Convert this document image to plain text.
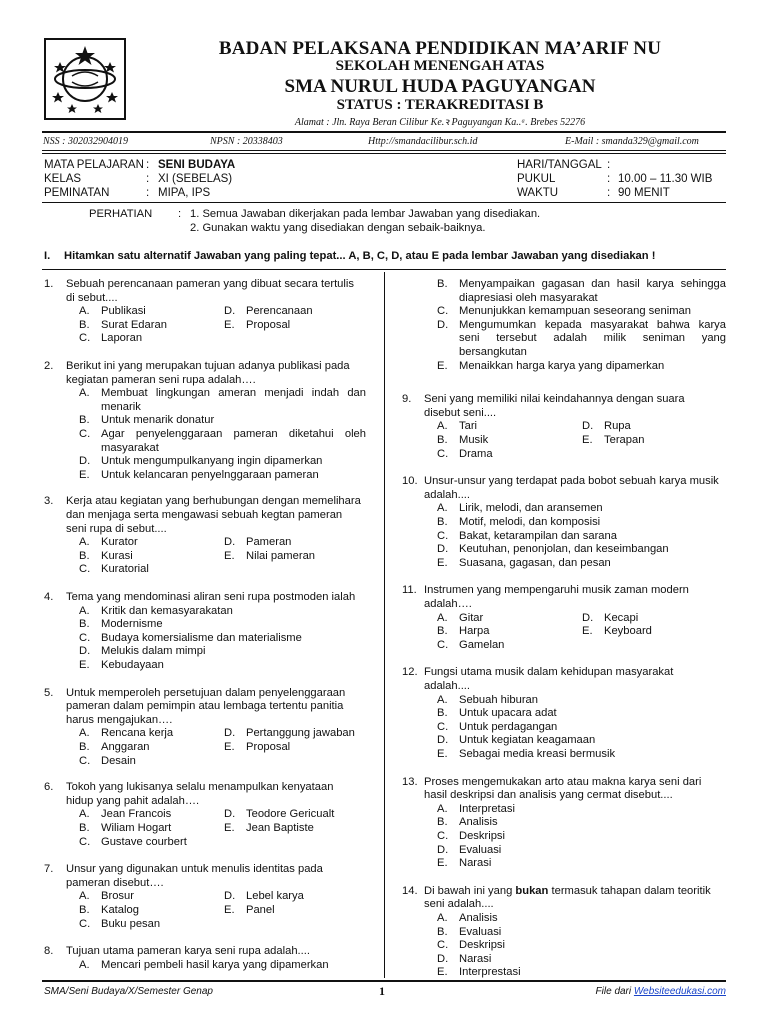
BADAN PELAKSANA PENDIDIKAN MA’ARIF NU
SEKOLAH MENENGAH ATAS
SMA NURUL HUDA PAGUYANGAN
STATUS : TERAKREDITASI B
Alamat : Jln. Raya Beran Cilibur Ke.ꝛ Paguyangan Ka..ᵃ. Brebes 52276
NSS : 302032904019	NPSN : 20338403	Http://smandacilibur.sch.id	E-Mail : smanda329@gmail.com
MATA PELAJARAN : SENI BUDAYA
KELAS	: XI (SEBELAS)
PEMINATAN	: MIPA, IPS
HARI/TANGGAL :
PUKUL	: 10.00 – 11.30 WIB
WAKTU	: 90 MENIT
PERHATIAN : 1. Semua Jawaban dikerjakan pada lembar Jawaban yang disediakan.
2. Gunakan waktu yang disediakan dengan sebaik-baiknya.
I. Hitamkan satu alternatif Jawaban yang paling tepat... A, B, C, D, atau E pada lembar Jawaban yang disediakan !
1. Sebuah perencanaan pameran yang dibuat secara tertulis
di sebut....
A. Publikasi	D. Perencanaan
B. Surat Edaran	E. Proposal
C. Laporan
2. Berikut ini yang merupakan tujuan adanya publikasi pada
kegiatan pameran seni rupa adalah….
A. Membuat lingkungan ameran menjadi indah dan
menarik
B. Untuk menarik donatur
C. Agar penyelenggaraan pameran diketahui oleh
masyarakat
D. Untuk mengumpulkanyang ingin dipamerkan
E. Untuk kelancaran penyelnggaraan pameran
3. Kerja atau kegiatan yang berhubungan dengan memelihara
dan menjaga serta mengawasi sebuah kegtan pameran
seni rupa di sebut....
A. Kurator	D. Pameran
B. Kurasi	E. Nilai pameran
C. Kuratorial
4. Tema yang mendominasi aliran seni rupa postmoden ialah
A. Kritik dan kemasyarakatan
B. Modernisme
C. Budaya komersialisme dan materialisme
D. Melukis dalam mimpi
E. Kebudayaan
5. Untuk memperoleh persetujuan dalam penyelenggaraan
pameran dalam pemimpin atau lembaga tertentu panitia
harus mengajukan….
A. Rencana kerja	D. Pertanggung jawaban
B. Anggaran	E. Proposal
C. Desain
6. Tokoh yang lukisanya selalu menampulkan kenyataan
hidup yang pahit adalah….
A. Jean Francois	D. Teodore Gericualt
B. Wiliam Hogart	E. Jean Baptiste
C. Gustave courbert
7. Unsur yang digunakan untuk menulis identitas pada
pameran disebut….
A. Brosur	D. Lebel karya
B. Katalog	E. Panel
C. Buku pesan
8. Tujuan utama pameran karya seni rupa adalah....
A. Mencari pembeli hasil karya yang dipamerkan
B. Menyampaikan gagasan dan hasil karya sehingga
diapresiasi oleh masyarakat
C. Menunjukkan kemampuan seseorang seniman
D. Mengumumkan kepada masyarakat bahwa karya
seni tersebut adalah milik seniman yang
bersangkutan
E. Menaikkan harga karya yang dipamerkan
9. Seni yang memiliki nilai keindahannya dengan suara
disebut seni....
A. Tari	D. Rupa
B. Musik	E. Terapan
C. Drama
10. Unsur-unsur yang terdapat pada bobot sebuah karya musik
adalah....
A. Lirik, melodi, dan aransemen
B. Motif, melodi, dan komposisi
C. Bakat, ketarampilan dan sarana
D. Keutuhan, penonjolan, dan keseimbangan
E. Suasana, gagasan, dan pesan
11. Instrumen yang mempengaruhi musik zaman modern
adalah….
A. Gitar	D. Kecapi
B. Harpa	E. Keyboard
C. Gamelan
12. Fungsi utama musik dalam kehidupan masyarakat
adalah....
A. Sebuah hiburan
B. Untuk upacara adat
C. Untuk perdagangan
D. Untuk kegiatan keagamaan
E. Sebagai media kreasi bermusik
13. Proses mengemukakan arto atau makna karya seni dari
hasil deskripsi dan analisis yang cermat disebut....
A. Interpretasi
B. Analisis
C. Deskripsi
D. Evaluasi
E. Narasi
14. Di bawah ini yang bukan termasuk tahapan dalam teoritik
seni adalah....
A. Analisis
B. Evaluasi
C. Deskripsi
D. Narasi
E. Interprestasi
SMA/Seni Budaya/X/Semester Genap	1	File dari Websiteedukasi.com
